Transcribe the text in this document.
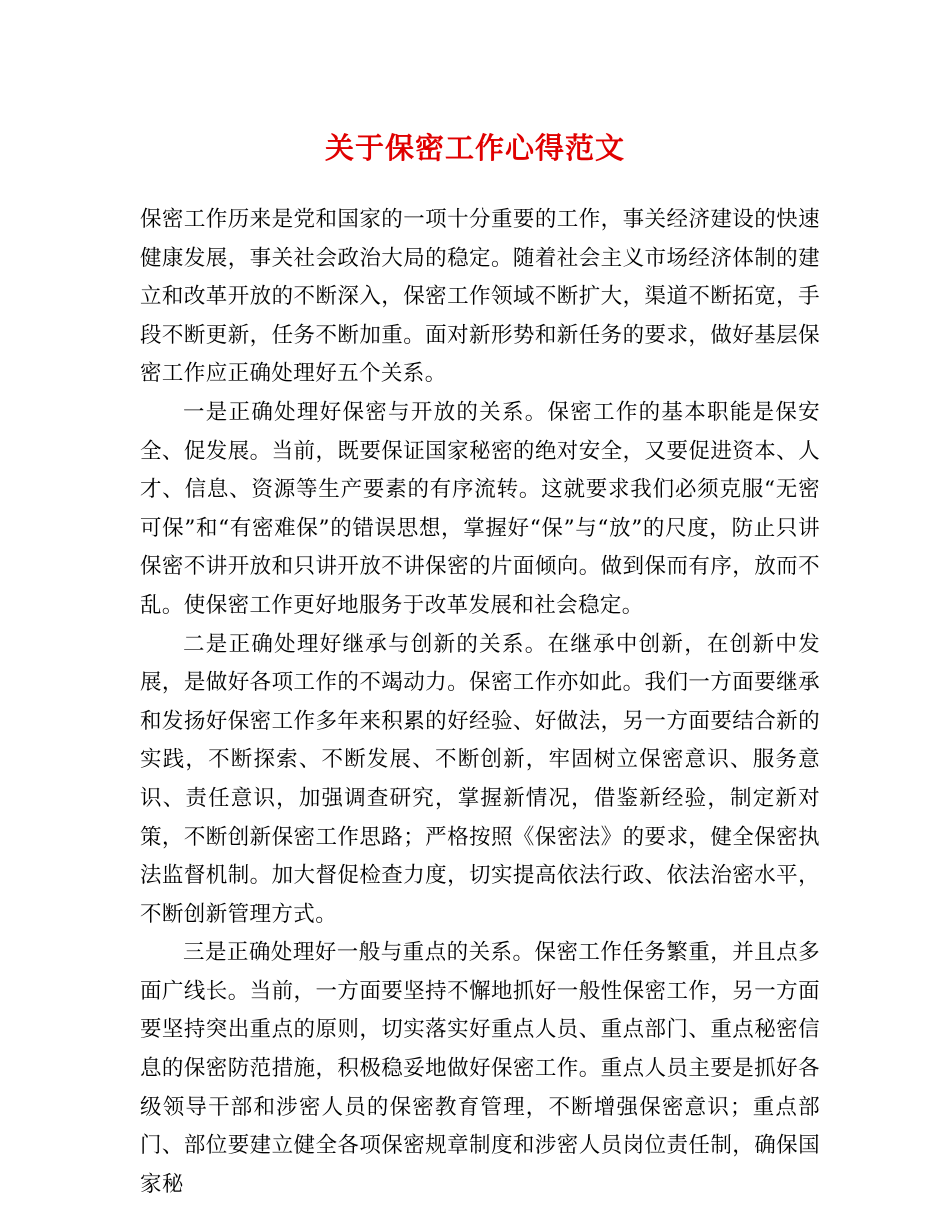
关于保密工作心得范文

保密工作历来是党和国家的一项十分重要的工作，事关经济建设的快速健康发展，事关社会政治大局的稳定。随着社会主义市场经济体制的建立和改革开放的不断深入，保密工作领域不断扩大，渠道不断拓宽，手段不断更新，任务不断加重。面对新形势和新任务的要求，做好基层保密工作应正确处理好五个关系。

一是正确处理好保密与开放的关系。保密工作的基本职能是保安全、促发展。当前，既要保证国家秘密的绝对安全，又要促进资本、人才、信息、资源等生产要素的有序流转。这就要求我们必须克服“无密可保”和“有密难保”的错误思想，掌握好“保”与“放”的尺度，防止只讲保密不讲开放和只讲开放不讲保密的片面倾向。做到保而有序，放而不乱。使保密工作更好地服务于改革发展和社会稳定。

二是正确处理好继承与创新的关系。在继承中创新，在创新中发展，是做好各项工作的不竭动力。保密工作亦如此。我们一方面要继承和发扬好保密工作多年来积累的好经验、好做法，另一方面要结合新的实践，不断探索、不断发展、不断创新，牢固树立保密意识、服务意识、责任意识，加强调查研究，掌握新情况，借鉴新经验，制定新对策，不断创新保密工作思路；严格按照《保密法》的要求，健全保密执法监督机制。加大督促检查力度，切实提高依法行政、依法治密水平，不断创新管理方式。

三是正确处理好一般与重点的关系。保密工作任务繁重，并且点多面广线长。当前，一方面要坚持不懈地抓好一般性保密工作，另一方面要坚持突出重点的原则，切实落实好重点人员、重点部门、重点秘密信息的保密防范措施，积极稳妥地做好保密工作。重点人员主要是抓好各级领导干部和涉密人员的保密教育管理，不断增强保密意识；重点部门、部位要建立健全各项保密规章制度和涉密人员岗位责任制，确保国家秘
